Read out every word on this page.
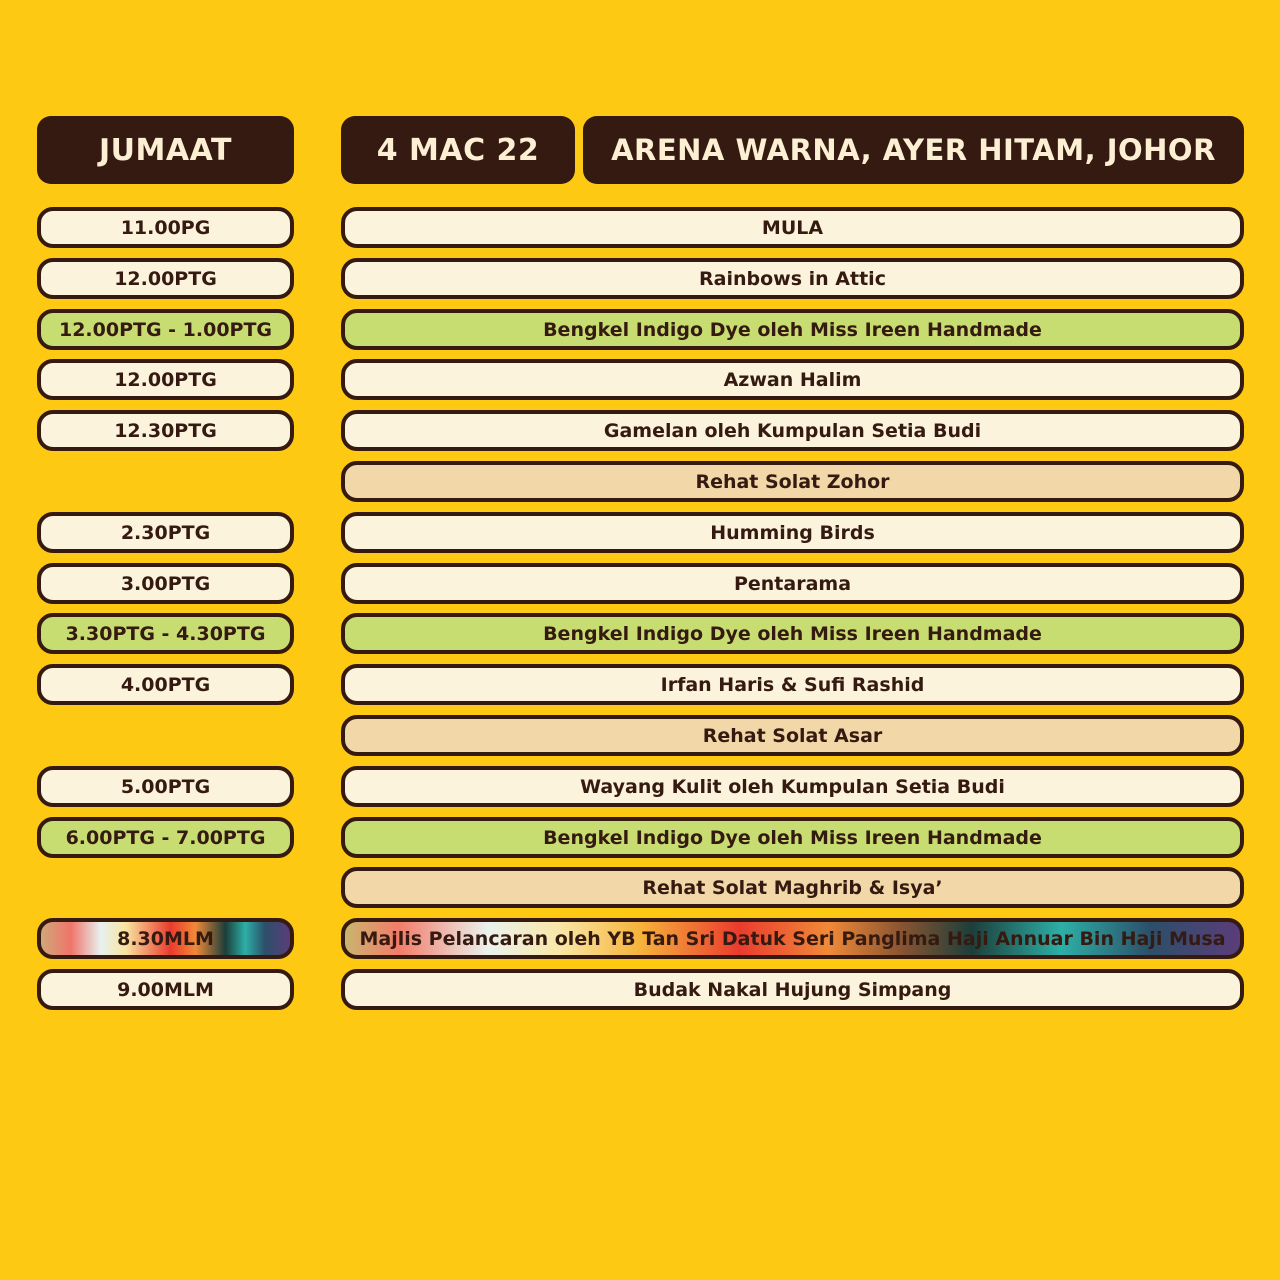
JUMAAT	4 MAC 22	ARENA WARNA, AYER HITAM, JOHOR
11.00PG	MULA
12.00PTG	Rainbows in Attic
12.00PTG - 1.00PTG	Bengkel Indigo Dye oleh Miss Ireen Handmade
12.00PTG	Azwan Halim
12.30PTG	Gamelan oleh Kumpulan Setia Budi
Rehat Solat Zohor
2.30PTG	Humming Birds
3.00PTG	Pentarama
3.30PTG - 4.30PTG	Bengkel Indigo Dye oleh Miss Ireen Handmade
4.00PTG	Irfan Haris & Sufi Rashid
Rehat Solat Asar
5.00PTG	Wayang Kulit oleh Kumpulan Setia Budi
6.00PTG - 7.00PTG	Bengkel Indigo Dye oleh Miss Ireen Handmade
Rehat Solat Maghrib & Isya’
8.30MLM	Majlis Pelancaran oleh YB Tan Sri Datuk Seri Panglima Haji Annuar Bin Haji Musa
9.00MLM	Budak Nakal Hujung Simpang
